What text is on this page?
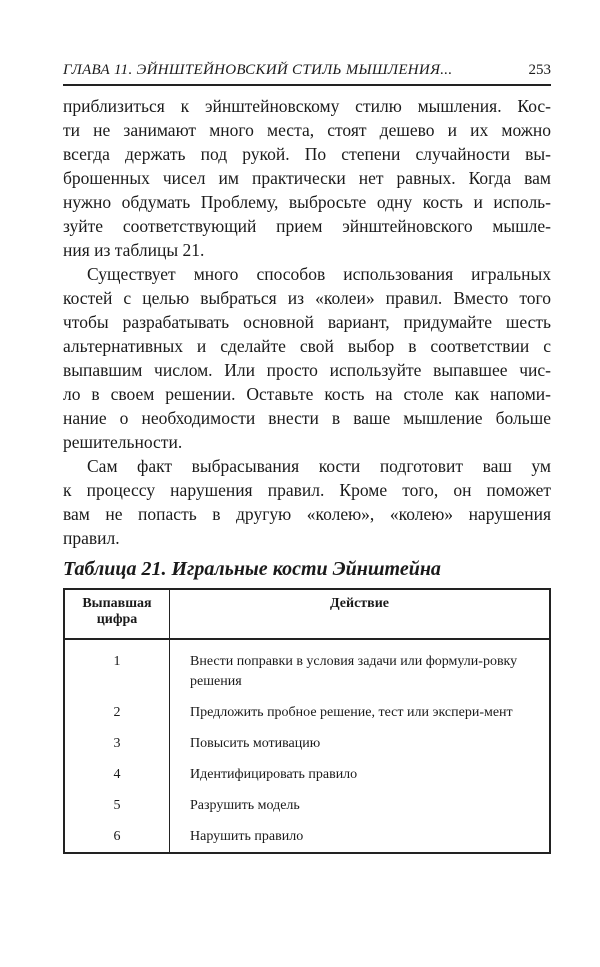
ГЛАВА 11. ЭЙНШТЕЙНОВСКИЙ СТИЛЬ МЫШЛЕНИЯ...	253
приблизиться к эйнштейновскому стилю мышления. Кос-
ти не занимают много места, стоят дешево и их можно
всегда держать под рукой. По степени случайности вы-
брошенных чисел им практически нет равных. Когда вам
нужно обдумать Проблему, выбросьте одну кость и исполь-
зуйте соответствующий прием эйнштейновского мышле-
ния из таблицы 21.
Существует много способов использования игральных
костей с целью выбраться из «колеи» правил. Вместо того
чтобы разрабатывать основной вариант, придумайте шесть
альтернативных и сделайте свой выбор в соответствии с
выпавшим числом. Или просто используйте выпавшее чис-
ло в своем решении. Оставьте кость на столе как напоми-
нание о необходимости внести в ваше мышление больше
решительности.
Сам факт выбрасывания кости подготовит ваш ум
к процессу нарушения правил. Кроме того, он поможет
вам не попасть в другую «колею», «колею» нарушения
правил.
Таблица 21. Игральные кости Эйнштейна
Выпавшая цифра	Действие
1	Внести поправки в условия задачи или формули-ровку решения
2	Предложить пробное решение, тест или экспери-мент
3	Повысить мотивацию
4	Идентифицировать правило
5	Разрушить модель
6	Нарушить правило
